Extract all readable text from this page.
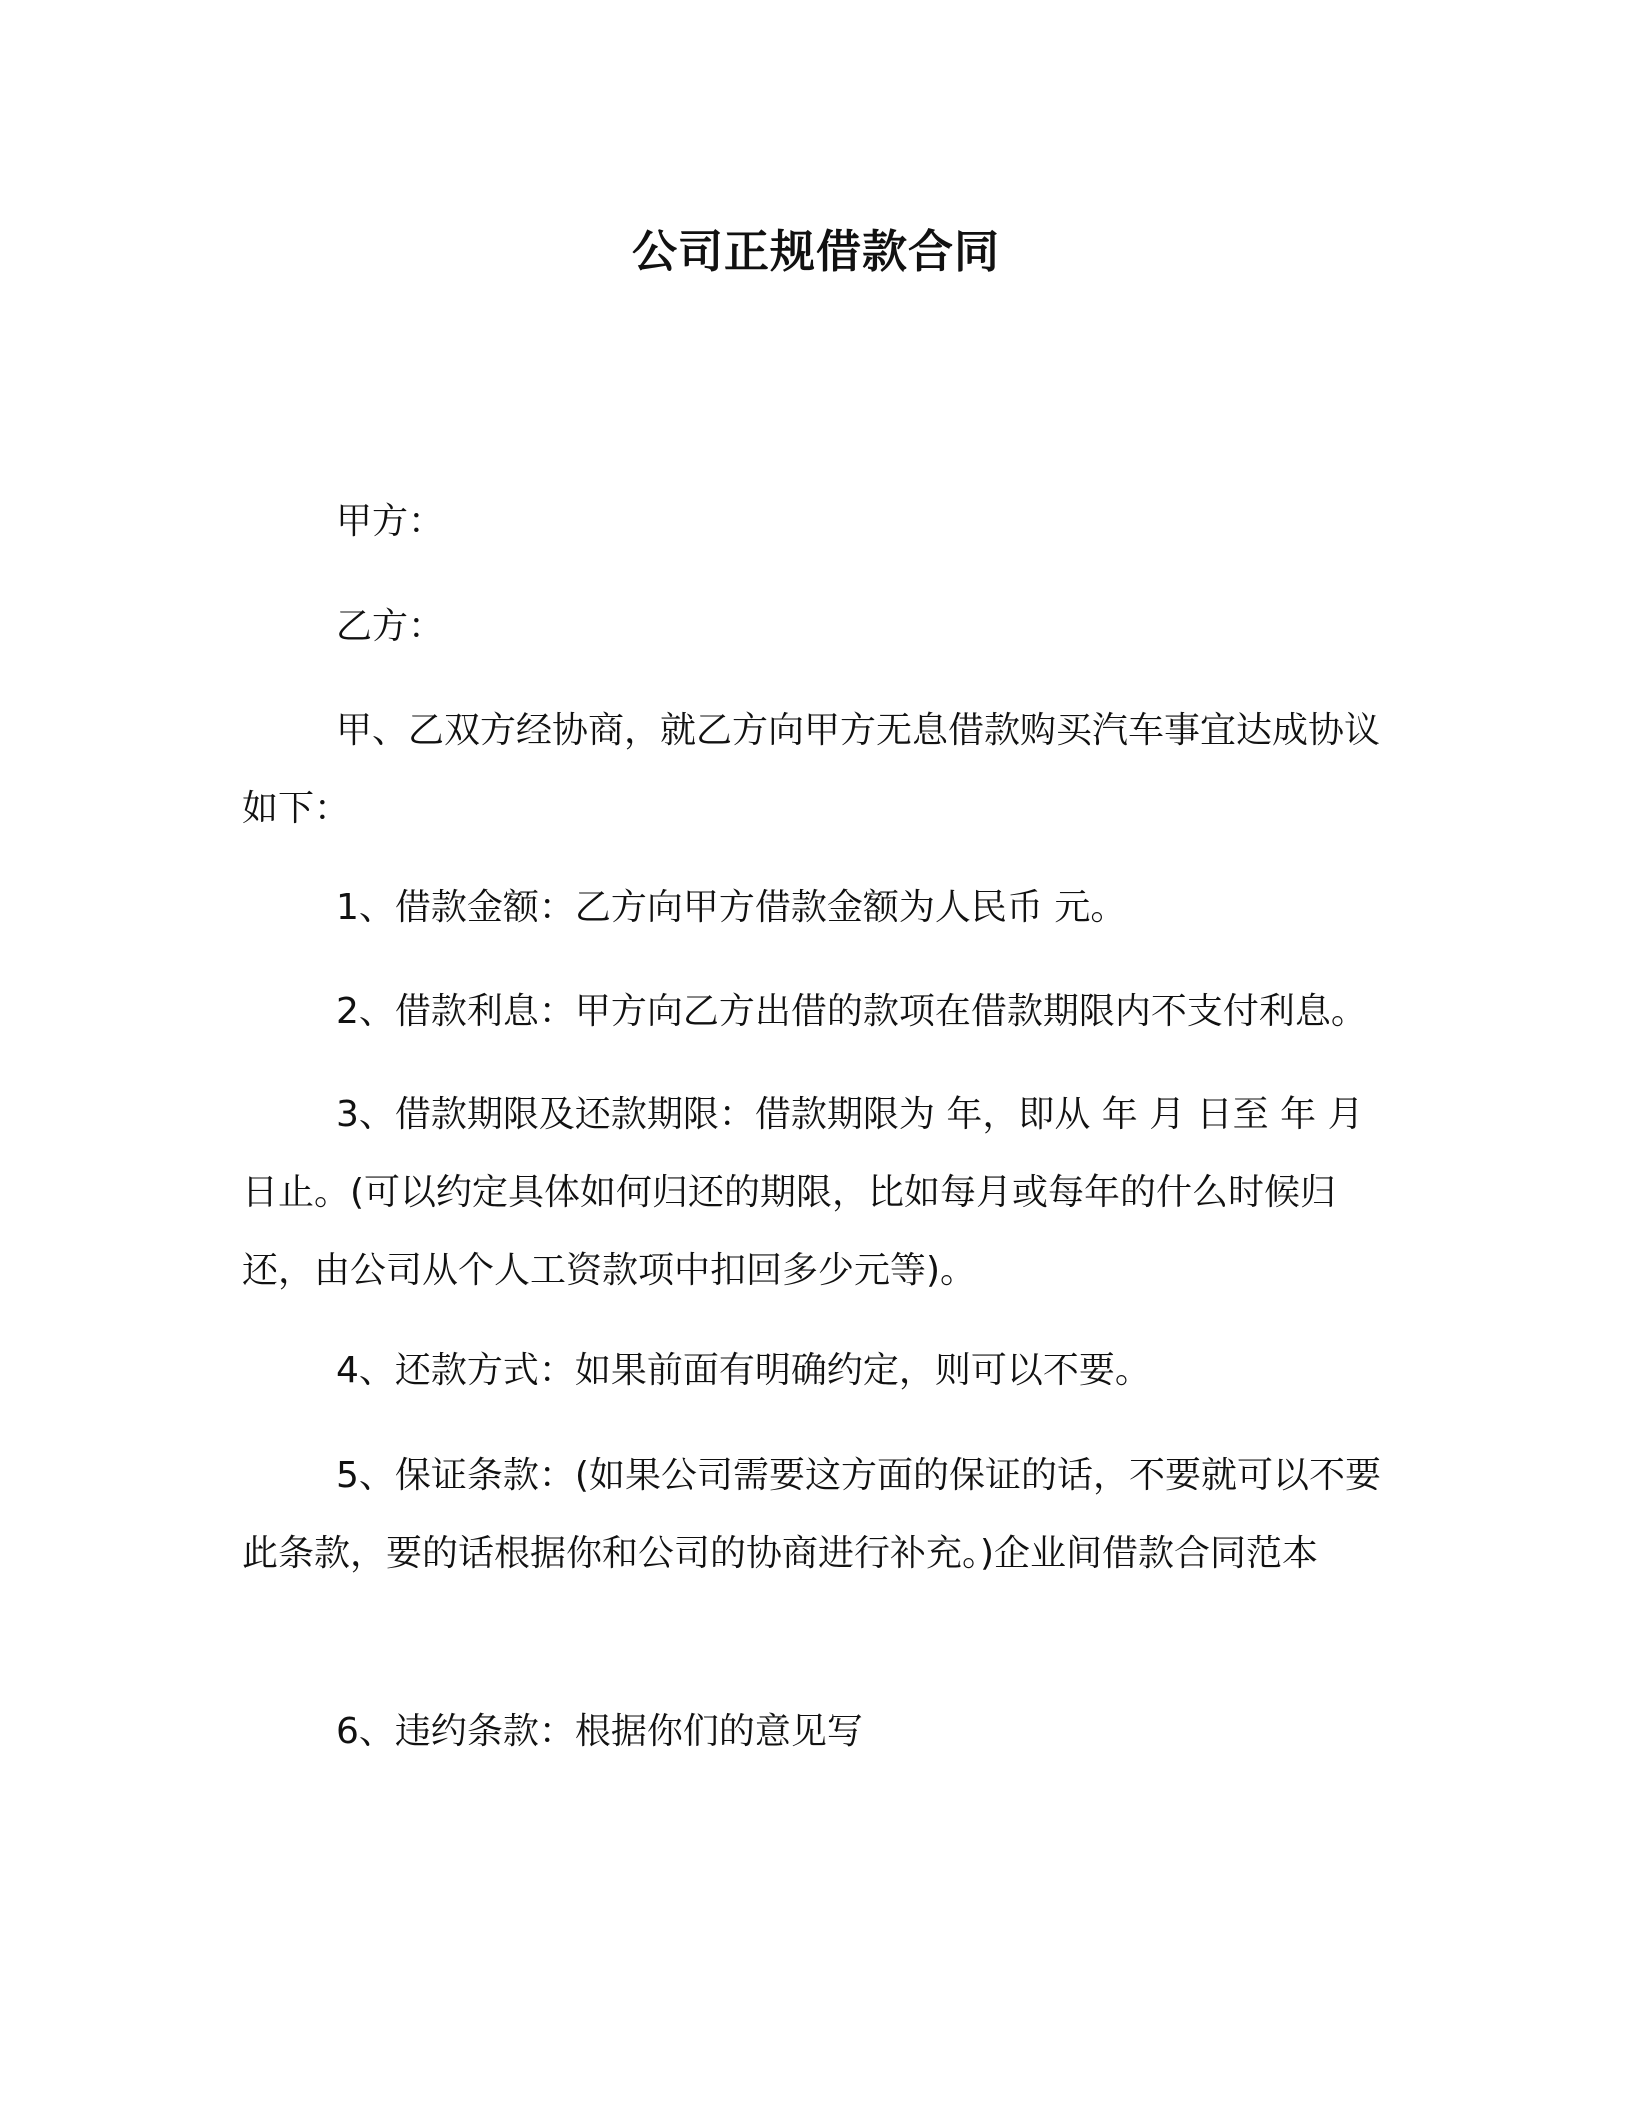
公司正规借款合同

甲方：

乙方：

甲、乙双方经协商，就乙方向甲方无息借款购买汽车事宜达成协议如下：

1、借款金额：乙方向甲方借款金额为人民币 元。

2、借款利息：甲方向乙方出借的款项在借款期限内不支付利息。

3、借款期限及还款期限：借款期限为 年，即从 年 月 日至 年 月日止。(可以约定具体如何归还的期限，比如每月或每年的什么时候归还，由公司从个人工资款项中扣回多少元等)。

4、还款方式：如果前面有明确约定，则可以不要。

5、保证条款：(如果公司需要这方面的保证的话，不要就可以不要此条款，要的话根据你和公司的协商进行补充。)企业间借款合同范本

6、违约条款：根据你们的意见写
